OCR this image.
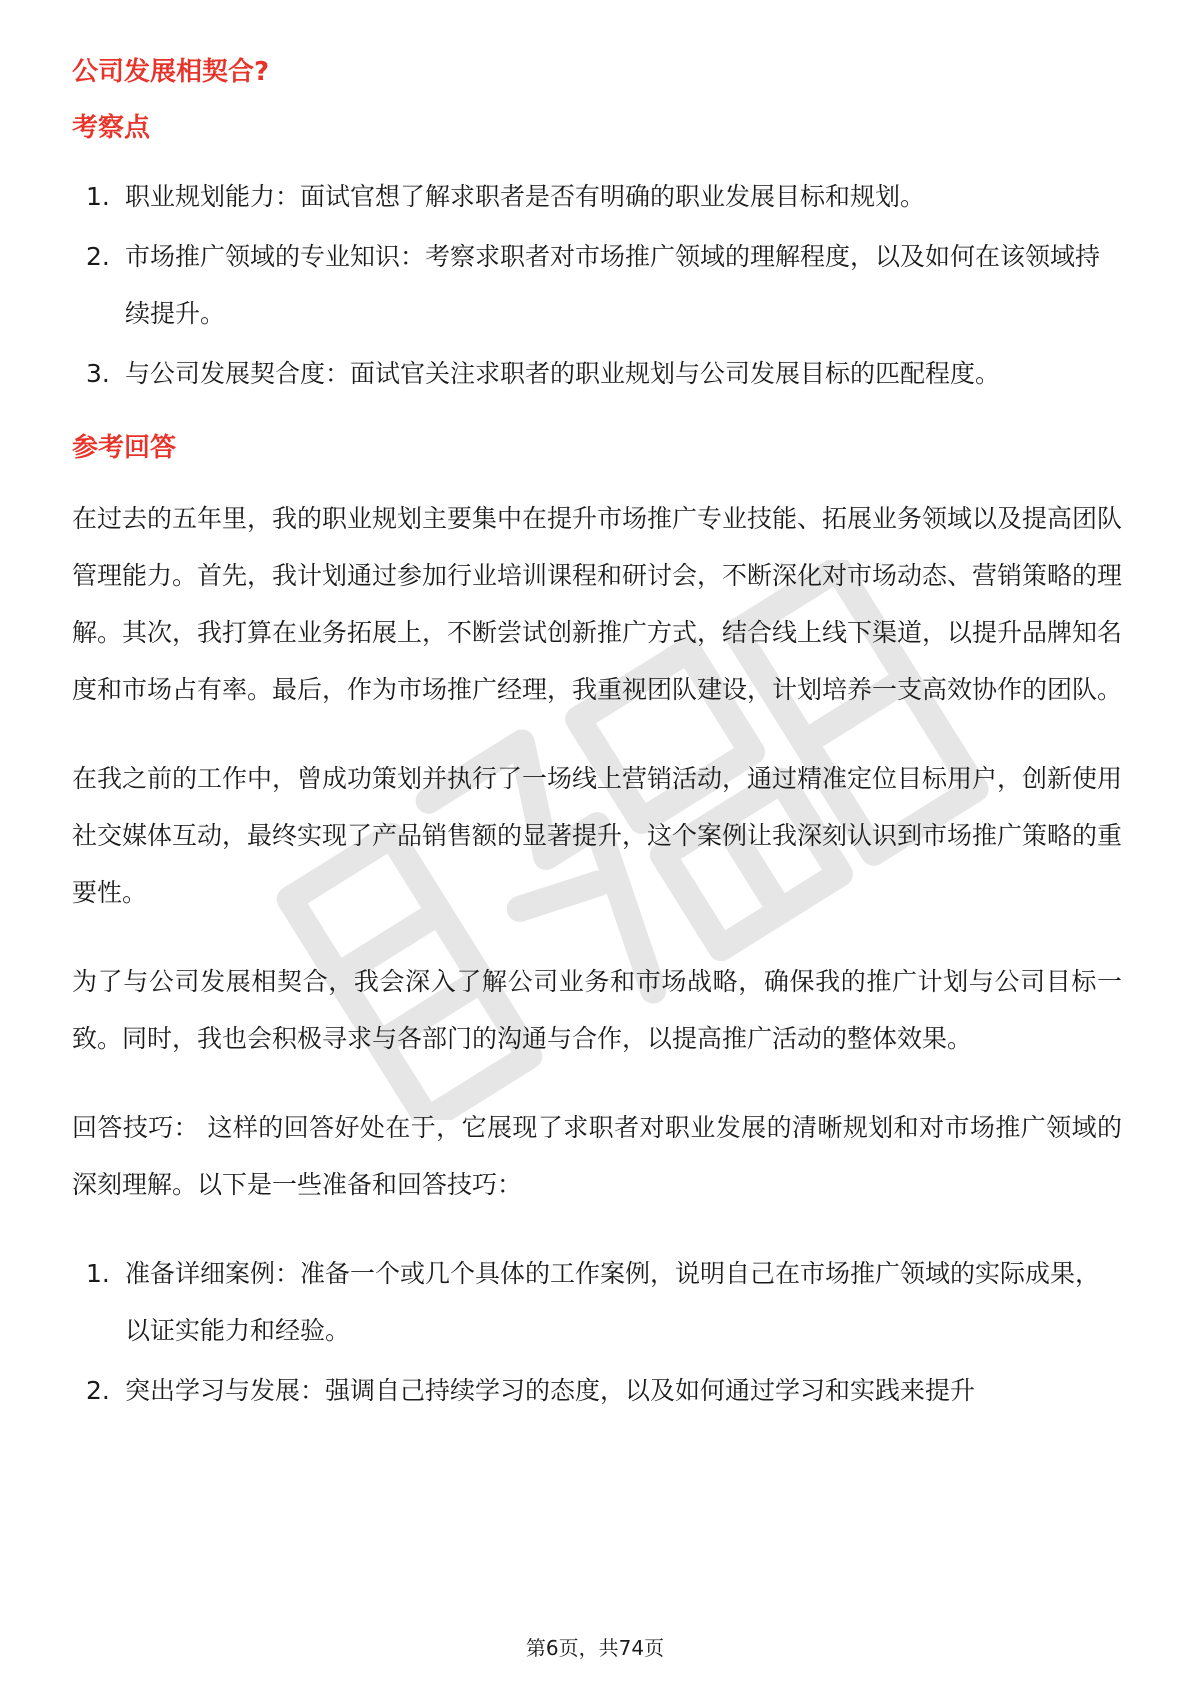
公司发展相契合?
考察点
1. 职业规划能力：面试官想了解求职者是否有明确的职业发展目标和规划。
2. 市场推广领域的专业知识：考察求职者对市场推广领域的理解程度，以及如何在该领域持续提升。
3. 与公司发展契合度：面试官关注求职者的职业规划与公司发展目标的匹配程度。
参考回答

在过去的五年里，我的职业规划主要集中在提升市场推广专业技能、拓展业务领域以及提高团队管理能力。首先，我计划通过参加行业培训课程和研讨会，不断深化对市场动态、营销策略的理解。其次，我打算在业务拓展上，不断尝试创新推广方式，结合线上线下渠道，以提升品牌知名度和市场占有率。最后，作为市场推广经理，我重视团队建设，计划培养一支高效协作的团队。

在我之前的工作中，曾成功策划并执行了一场线上营销活动，通过精准定位目标用户，创新使用社交媒体互动，最终实现了产品销售额的显著提升，这个案例让我深刻认识到市场推广策略的重要性。

为了与公司发展相契合，我会深入了解公司业务和市场战略，确保我的推广计划与公司目标一致。同时，我也会积极寻求与各部门的沟通与合作，以提高推广活动的整体效果。

回答技巧： 这样的回答好处在于，它展现了求职者对职业发展的清晰规划和对市场推广领域的深刻理解。以下是一些准备和回答技巧：

1. 准备详细案例：准备一个或几个具体的工作案例，说明自己在市场推广领域的实际成果，以证实能力和经验。
2. 突出学习与发展：强调自己持续学习的态度，以及如何通过学习和实践来提升
第6页，共74页
